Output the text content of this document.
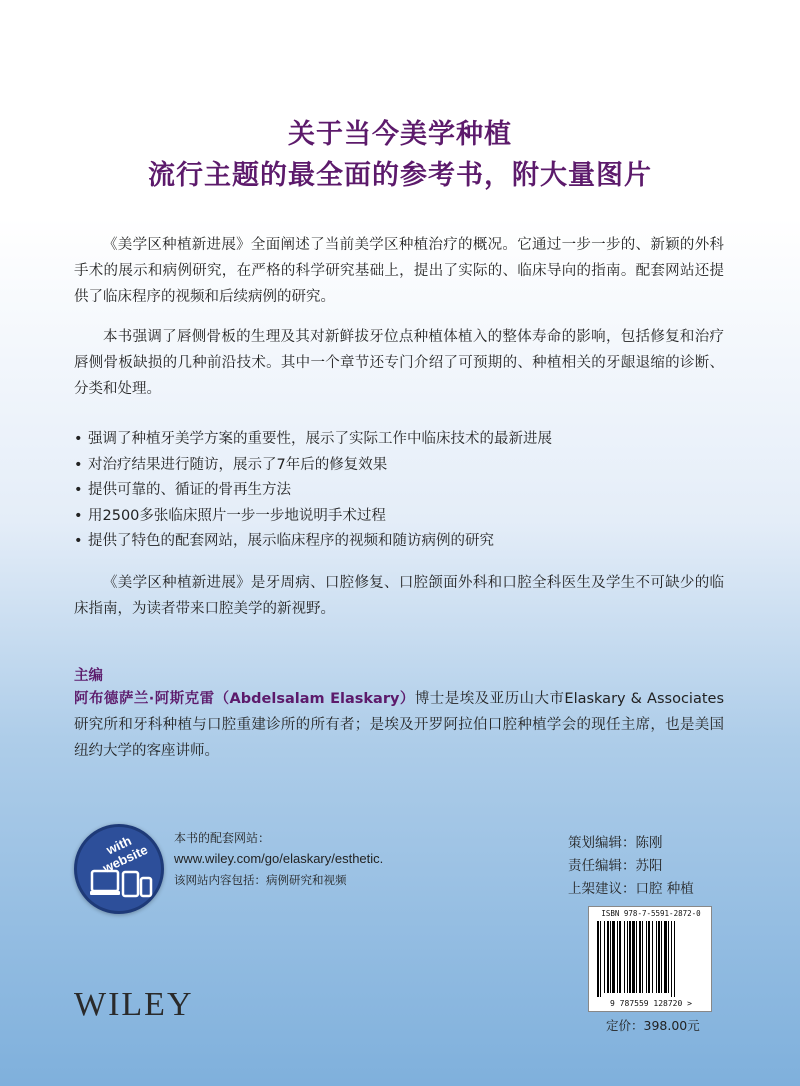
关于当今美学种植
流行主题的最全面的参考书，附大量图片

《美学区种植新进展》全面阐述了当前美学区种植治疗的概况。它通过一步一步的、新颖的外科手术的展示和病例研究，在严格的科学研究基础上，提出了实际的、临床导向的指南。配套网站还提供了临床程序的视频和后续病例的研究。

本书强调了唇侧骨板的生理及其对新鲜拔牙位点种植体植入的整体寿命的影响，包括修复和治疗唇侧骨板缺损的几种前沿技术。其中一个章节还专门介绍了可预期的、种植相关的牙龈退缩的诊断、分类和处理。

• 强调了种植牙美学方案的重要性，展示了实际工作中临床技术的最新进展
• 对治疗结果进行随访，展示了7年后的修复效果
• 提供可靠的、循证的骨再生方法
• 用2500多张临床照片一步一步地说明手术过程
• 提供了特色的配套网站，展示临床程序的视频和随访病例的研究

《美学区种植新进展》是牙周病、口腔修复、口腔颌面外科和口腔全科医生及学生不可缺少的临床指南，为读者带来口腔美学的新视野。

主编

阿布德萨兰·阿斯克雷（Abdelsalam Elaskary）博士是埃及亚历山大市Elaskary & Associates研究所和牙科种植与口腔重建诊所的所有者；是埃及开罗阿拉伯口腔种植学会的现任主席，也是美国纽约大学的客座讲师。

with website
本书的配套网站：
www.wiley.com/go/elaskary/esthetic.
该网站内容包括：病例研究和视频
WILEY
策划编辑：陈刚
责任编辑：苏阳
上架建议：口腔 种植
ISBN 978-7-5591-2872-0
9 787559 128720 >
定价：398.00元
